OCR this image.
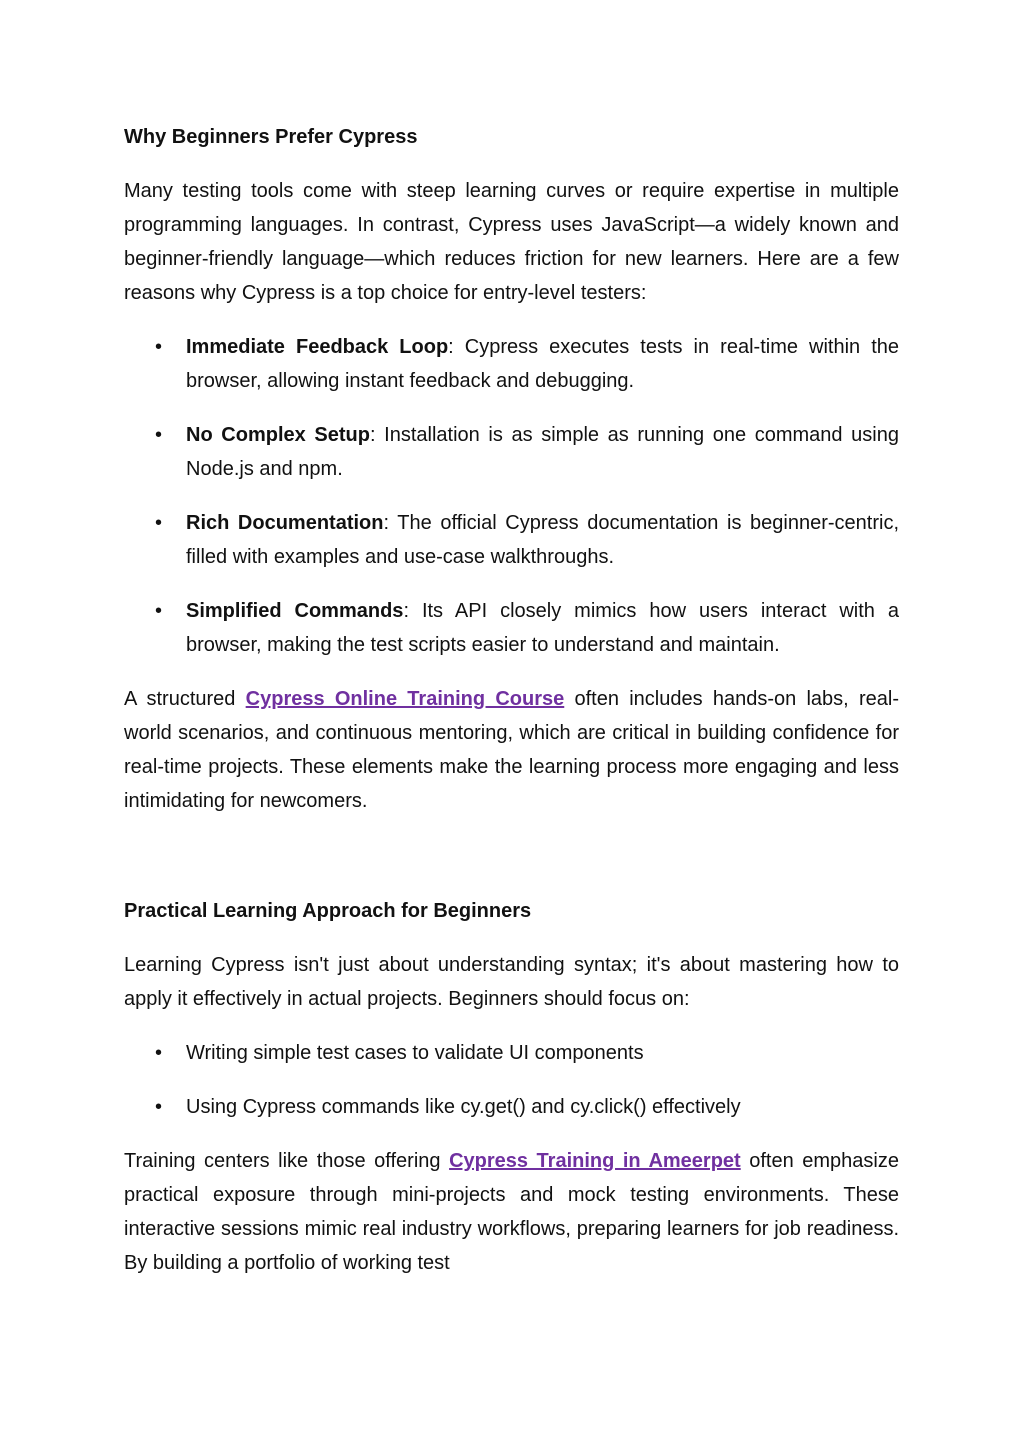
Why Beginners Prefer Cypress

Many testing tools come with steep learning curves or require expertise in multiple programming languages. In contrast, Cypress uses JavaScript—a widely known and beginner-friendly language—which reduces friction for new learners. Here are a few reasons why Cypress is a top choice for entry-level testers:

• Immediate Feedback Loop: Cypress executes tests in real-time within the browser, allowing instant feedback and debugging.
• No Complex Setup: Installation is as simple as running one command using Node.js and npm.
• Rich Documentation: The official Cypress documentation is beginner-centric, filled with examples and use-case walkthroughs.
• Simplified Commands: Its API closely mimics how users interact with a browser, making the test scripts easier to understand and maintain.

A structured Cypress Online Training Course often includes hands-on labs, real-world scenarios, and continuous mentoring, which are critical in building confidence for real-time projects. These elements make the learning process more engaging and less intimidating for newcomers.

Practical Learning Approach for Beginners

Learning Cypress isn't just about understanding syntax; it's about mastering how to apply it effectively in actual projects. Beginners should focus on:

• Writing simple test cases to validate UI components
• Using Cypress commands like cy.get() and cy.click() effectively

Training centers like those offering Cypress Training in Ameerpet often emphasize practical exposure through mini-projects and mock testing environments. These interactive sessions mimic real industry workflows, preparing learners for job readiness. By building a portfolio of working test
